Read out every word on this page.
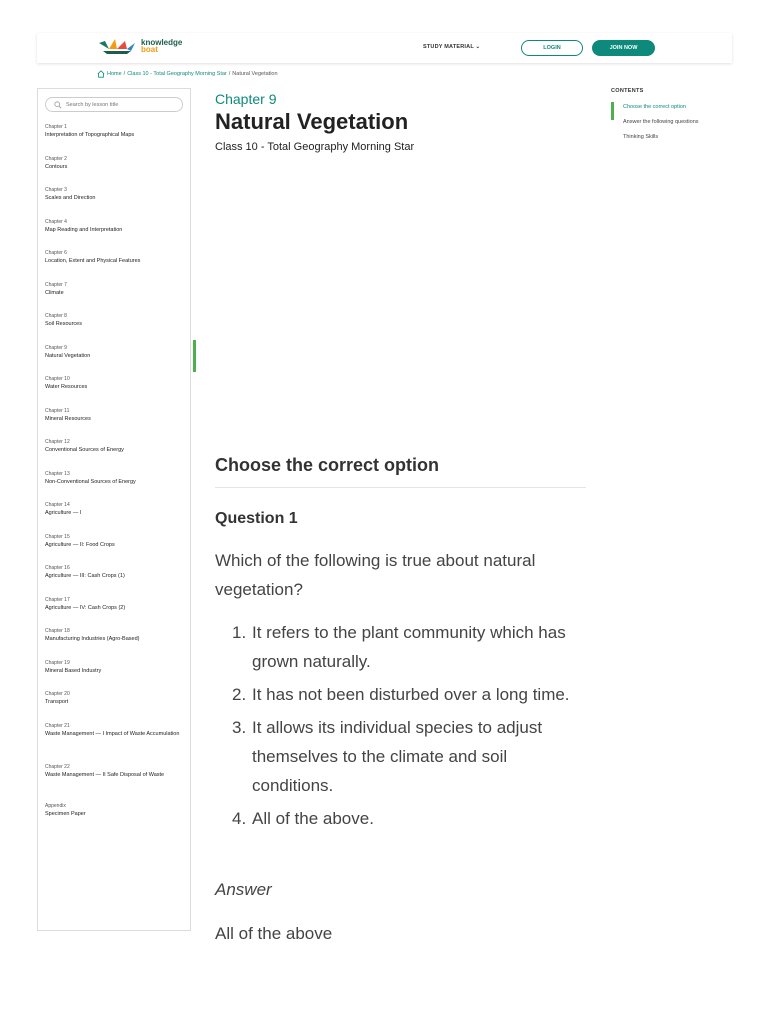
knowledge
boat	STUDY MATERIAL ⌄	LOGIN	JOIN NOW
Home / Class 10 - Total Geography Morning Star / Natural Vegetation
Search by lesson title
Chapter 1
Interpretation of Topographical Maps
Chapter 2
Contours
Chapter 3
Scales and Direction
Chapter 4
Map Reading and Interpretation
Chapter 6
Location, Extent and Physical Features
Chapter 7
Climate
Chapter 8
Soil Resources
Chapter 9
Natural Vegetation
Chapter 10
Water Resources
Chapter 11
Mineral Resources
Chapter 12
Conventional Sources of Energy
Chapter 13
Non-Conventional Sources of Energy
Chapter 14
Agriculture — I
Chapter 15
Agriculture — II: Food Crops
Chapter 16
Agriculture — III: Cash Crops (1)
Chapter 17
Agriculture — IV: Cash Crops (2)
Chapter 18
Manufacturing Industries (Agro-Based)
Chapter 19
Mineral Based Industry
Chapter 20
Transport
Chapter 21
Waste Management — I Impact of Waste Accumulation
Chapter 22
Waste Management — II Safe Disposal of Waste
Appendix
Specimen Paper
Chapter 9
Natural Vegetation
Class 10 - Total Geography Morning Star
Choose the correct option
Question 1

Which of the following is true about natural vegetation?

1. It refers to the plant community which has grown naturally.
2. It has not been disturbed over a long time.
3. It allows its individual species to adjust themselves to the climate and soil conditions.
4. All of the above.
Answer
All of the above
CONTENTS
Choose the correct option
Answer the following questions
Thinking Skills
